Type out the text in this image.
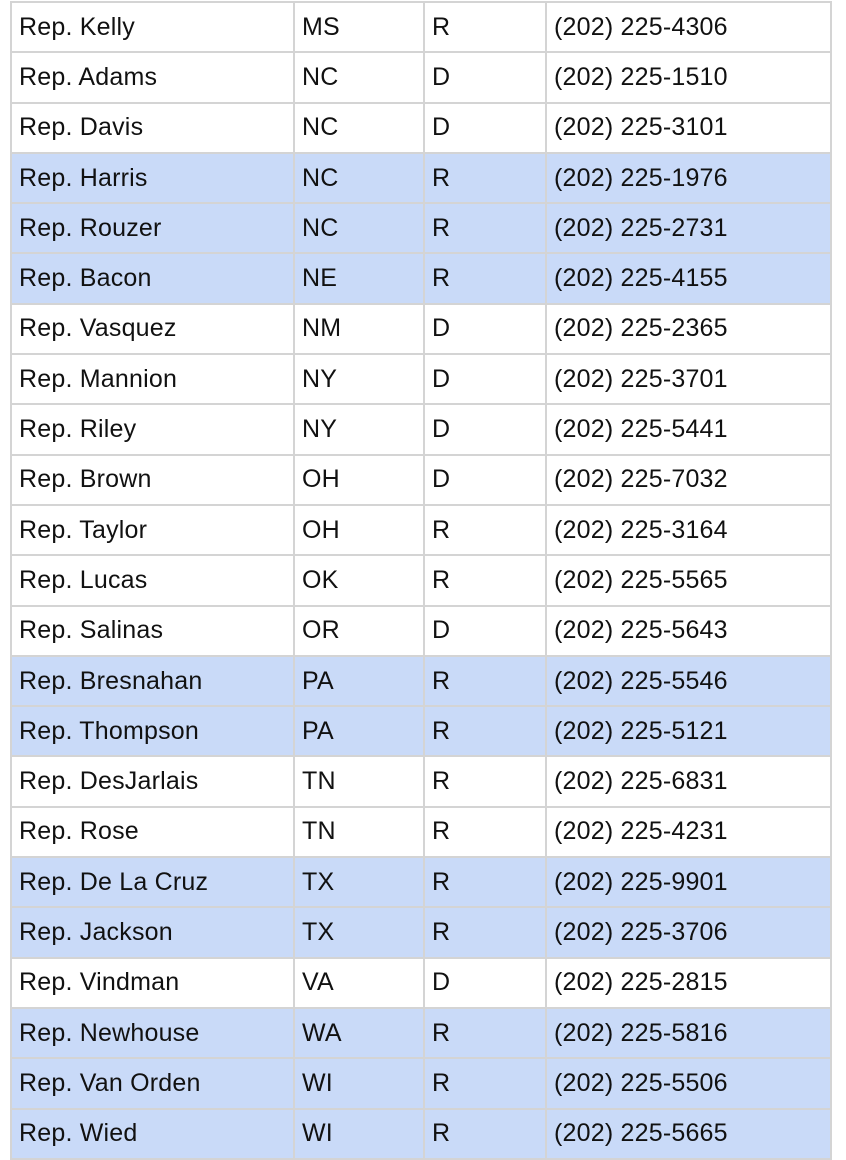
Rep. Kelly	MS	R	(202) 225-4306
Rep. Adams	NC	D	(202) 225-1510
Rep. Davis	NC	D	(202) 225-3101
Rep. Harris	NC	R	(202) 225-1976
Rep. Rouzer	NC	R	(202) 225-2731
Rep. Bacon	NE	R	(202) 225-4155
Rep. Vasquez	NM	D	(202) 225-2365
Rep. Mannion	NY	D	(202) 225-3701
Rep. Riley	NY	D	(202) 225-5441
Rep. Brown	OH	D	(202) 225-7032
Rep. Taylor	OH	R	(202) 225-3164
Rep. Lucas	OK	R	(202) 225-5565
Rep. Salinas	OR	D	(202) 225-5643
Rep. Bresnahan	PA	R	(202) 225-5546
Rep. Thompson	PA	R	(202) 225-5121
Rep. DesJarlais	TN	R	(202) 225-6831
Rep. Rose	TN	R	(202) 225-4231
Rep. De La Cruz	TX	R	(202) 225-9901
Rep. Jackson	TX	R	(202) 225-3706
Rep. Vindman	VA	D	(202) 225-2815
Rep. Newhouse	WA	R	(202) 225-5816
Rep. Van Orden	WI	R	(202) 225-5506
Rep. Wied	WI	R	(202) 225-5665
